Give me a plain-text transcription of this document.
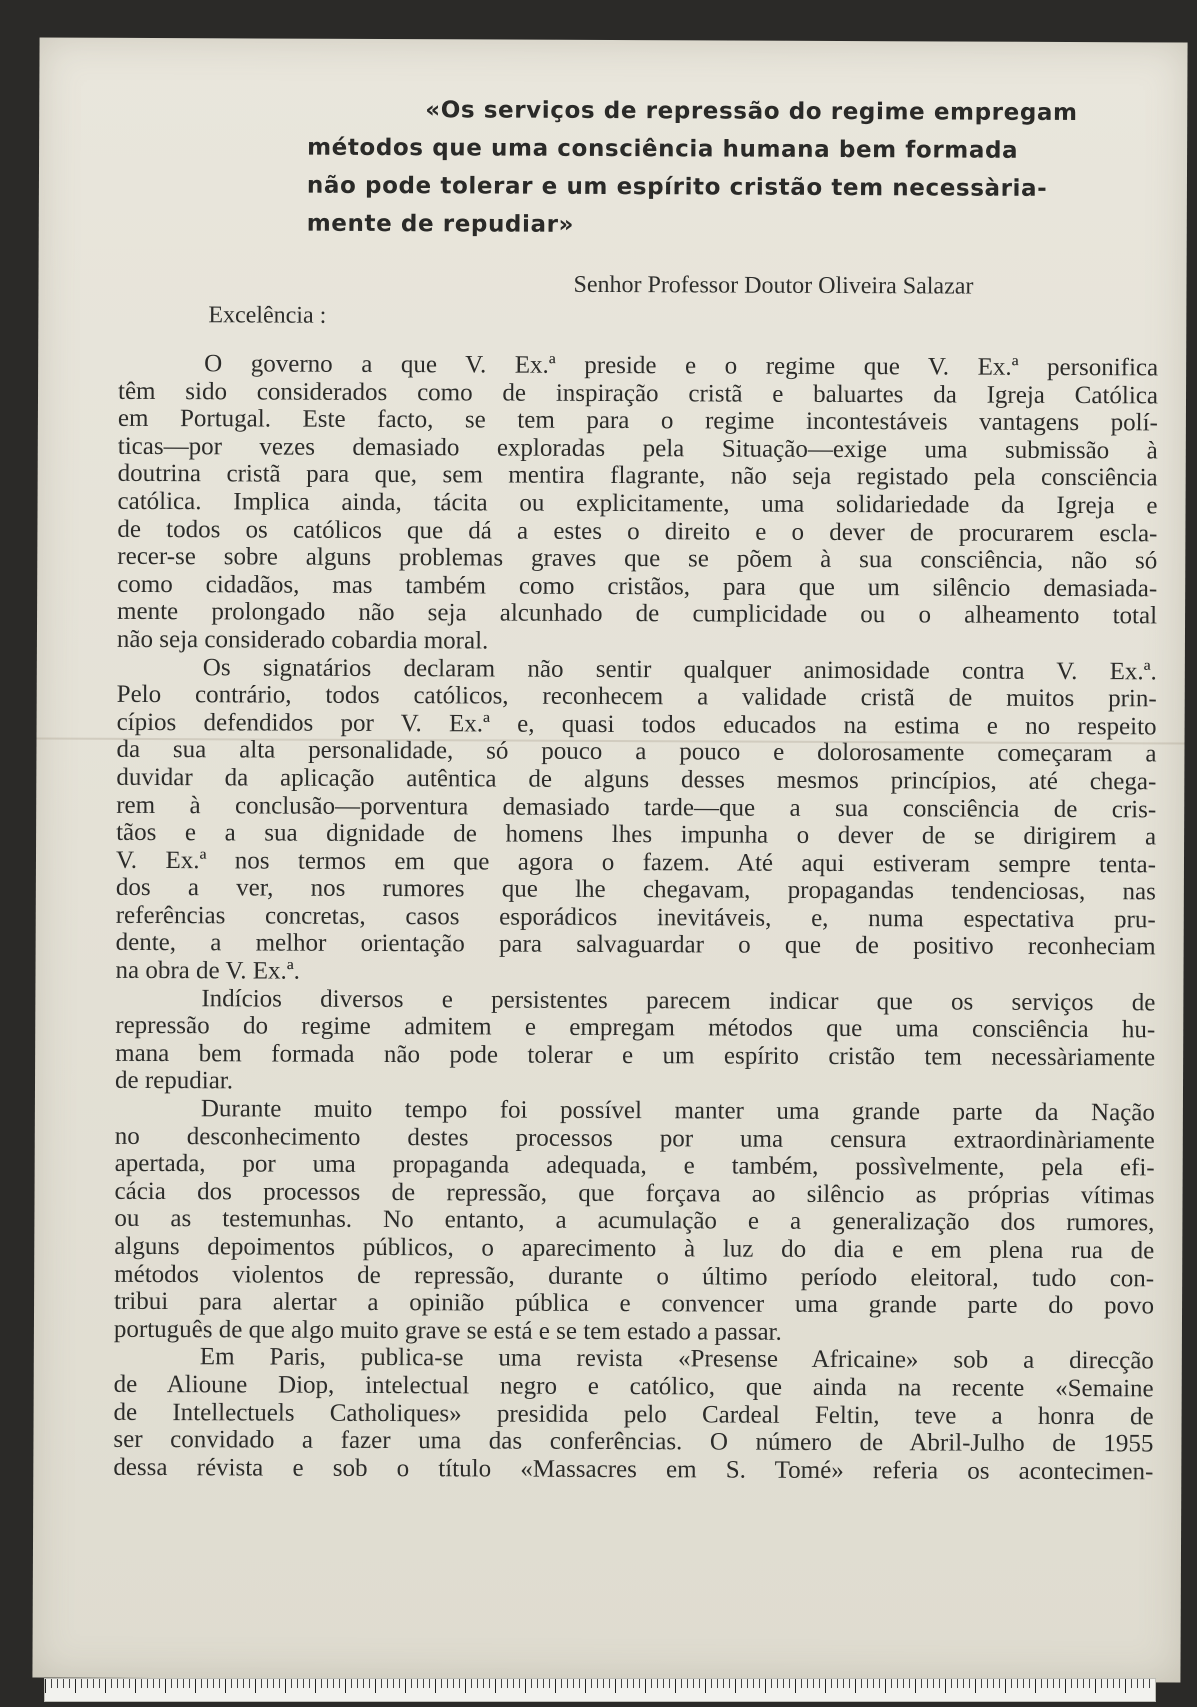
«Os serviços de repressão do regime empregam
métodos que uma consciência humana bem formada
não pode tolerar e um espírito cristão tem necessària-
mente de repudiar»
Senhor Professor Doutor Oliveira Salazar
Excelência :
O governo a que V. Ex.ª preside e o regime que V. Ex.ª personifica
têm sido considerados como de inspiração cristã e baluartes da Igreja Católica
em Portugal. Este facto, se tem para o regime incontestáveis vantagens polí-
ticas—por vezes demasiado exploradas pela Situação—exige uma submissão à
doutrina cristã para que, sem mentira flagrante, não seja registado pela consciência
católica. Implica ainda, tácita ou explicitamente, uma solidariedade da Igreja e
de todos os católicos que dá a estes o direito e o dever de procurarem escla-
recer-se sobre alguns problemas graves que se põem à sua consciência, não só
como cidadãos, mas também como cristãos, para que um silêncio demasiada-
mente prolongado não seja alcunhado de cumplicidade ou o alheamento total
não seja considerado cobardia moral.
Os signatários declaram não sentir qualquer animosidade contra V. Ex.ª.
Pelo contrário, todos católicos, reconhecem a validade cristã de muitos prin-
cípios defendidos por V. Ex.ª e, quasi todos educados na estima e no respeito
da sua alta personalidade, só pouco a pouco e dolorosamente começaram a
duvidar da aplicação autêntica de alguns desses mesmos princípios, até chega-
rem à conclusão—porventura demasiado tarde—que a sua consciência de cris-
tãos e a sua dignidade de homens lhes impunha o dever de se dirigirem a
V. Ex.ª nos termos em que agora o fazem. Até aqui estiveram sempre tenta-
dos a ver, nos rumores que lhe chegavam, propagandas tendenciosas, nas
referências concretas, casos esporádicos inevitáveis, e, numa espectativa pru-
dente, a melhor orientação para salvaguardar o que de positivo reconheciam
na obra de V. Ex.ª.
Indícios diversos e persistentes parecem indicar que os serviços de
repressão do regime admitem e empregam métodos que uma consciência hu-
mana bem formada não pode tolerar e um espírito cristão tem necessàriamente
de repudiar.
Durante muito tempo foi possível manter uma grande parte da Nação
no desconhecimento destes processos por uma censura extraordinàriamente
apertada, por uma propaganda adequada, e também, possìvelmente, pela efi-
cácia dos processos de repressão, que forçava ao silêncio as próprias vítimas
ou as testemunhas. No entanto, a acumulação e a generalização dos rumores,
alguns depoimentos públicos, o aparecimento à luz do dia e em plena rua de
métodos violentos de repressão, durante o último período eleitoral, tudo con-
tribui para alertar a opinião pública e convencer uma grande parte do povo
português de que algo muito grave se está e se tem estado a passar.
Em Paris, publica-se uma revista «Presense Africaine» sob a direcção
de Alioune Diop, intelectual negro e católico, que ainda na recente «Semaine
de Intellectuels Catholiques» presidida pelo Cardeal Feltin, teve a honra de
ser convidado a fazer uma das conferências. O número de Abril-Julho de 1955
dessa révista e sob o título «Massacres em S. Tomé» referia os acontecimen-
